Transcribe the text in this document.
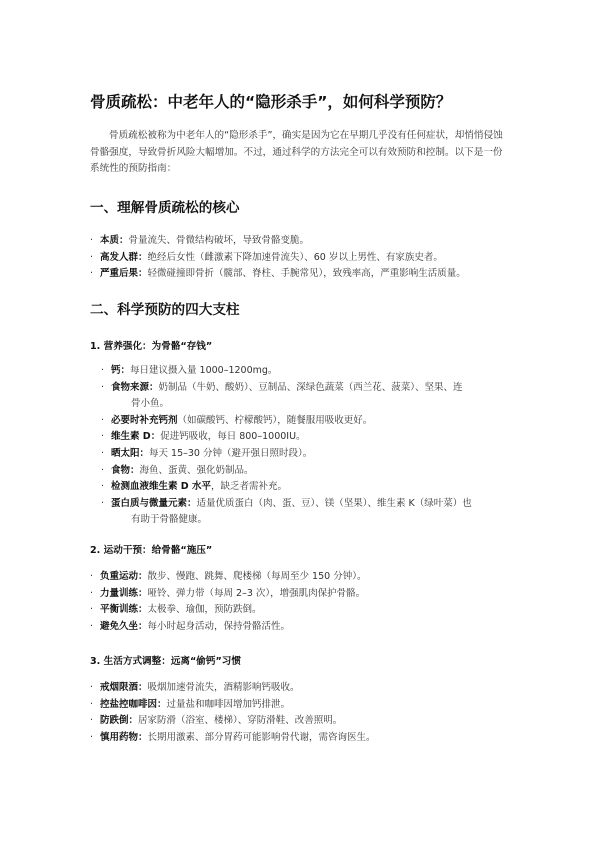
骨质疏松：中老年人的“隐形杀手”，如何科学预防？
骨质疏松被称为中老年人的“隐形杀手”，确实是因为它在早期几乎没有任何症状，却悄悄侵蚀骨骼强度，导致骨折风险大幅增加。不过，通过科学的方法完全可以有效预防和控制。以下是一份系统性的预防指南：
一、理解骨质疏松的核心
· 本质：骨量流失、骨微结构破坏，导致骨骼变脆。
· 高发人群：绝经后女性（雌激素下降加速骨流失）、60 岁以上男性、有家族史者。
· 严重后果：轻微碰撞即骨折（髋部、脊柱、手腕常见），致残率高，严重影响生活质量。
二、科学预防的四大支柱
1. 营养强化：为骨骼“存钱”
· 钙：每日建议摄入量 1000–1200mg。
· 食物来源：奶制品（牛奶、酸奶）、豆制品、深绿色蔬菜（西兰花、菠菜）、坚果、连
骨小鱼。
· 必要时补充钙剂（如碳酸钙、柠檬酸钙），随餐服用吸收更好。
· 维生素 D：促进钙吸收，每日 800–1000IU。
· 晒太阳：每天 15–30 分钟（避开强日照时段）。
· 食物：海鱼、蛋黄、强化奶制品。
· 检测血液维生素 D 水平，缺乏者需补充。
· 蛋白质与微量元素：适量优质蛋白（肉、蛋、豆）、镁（坚果）、维生素 K（绿叶菜）也
有助于骨骼健康。
2. 运动干预：给骨骼“施压”
· 负重运动：散步、慢跑、跳舞、爬楼梯（每周至少 150 分钟）。
· 力量训练：哑铃、弹力带（每周 2–3 次），增强肌肉保护骨骼。
· 平衡训练：太极拳、瑜伽，预防跌倒。
· 避免久坐：每小时起身活动，保持骨骼活性。
3. 生活方式调整：远离“偷钙”习惯
· 戒烟限酒：吸烟加速骨流失，酒精影响钙吸收。
· 控盐控咖啡因：过量盐和咖啡因增加钙排泄。
· 防跌倒：居家防滑（浴室、楼梯）、穿防滑鞋、改善照明。
· 慎用药物：长期用激素、部分胃药可能影响骨代谢，需咨询医生。
